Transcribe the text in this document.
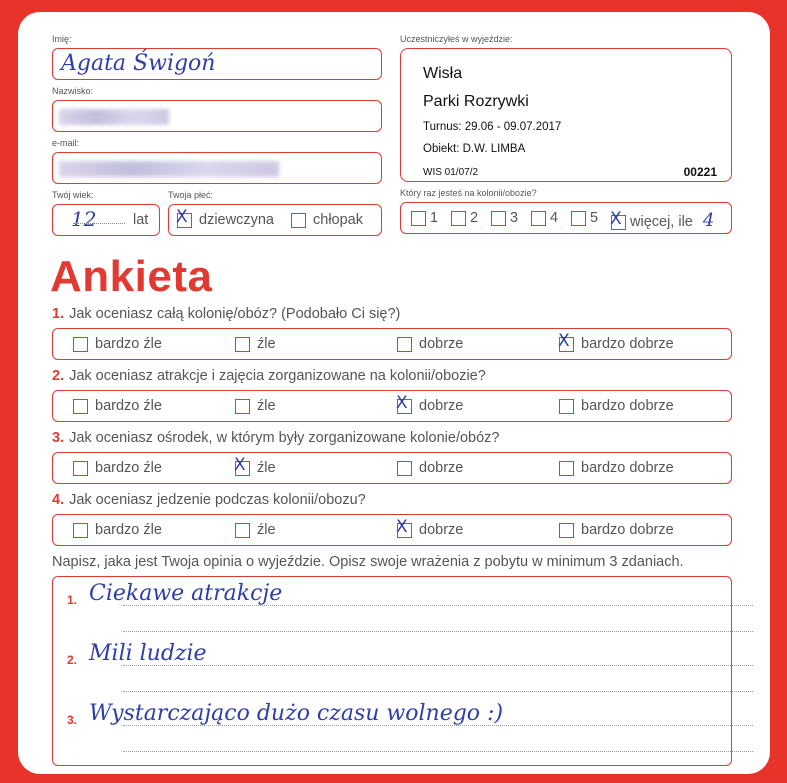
Imię:
Agata Świgoń
Nazwisko:
e-mail:
Twój wiek:
12	lat
Twoja płeć:
X dziewczyna	chłopak
Uczestniczyłeś w wyjeździe:
Wisła
Parki Rozrywki
Turnus: 29.06 - 09.07.2017
Obiekt: D.W. LIMBA
WIS 01/07/2	00221
Który raz jesteś na kolonii/obozie?
1	2	3	4	5 X więcej, ile 4
Ankieta
1. Jak oceniasz całą kolonię/obóz? (Podobało Ci się?)
bardzo źle	źle	dobrze	X bardzo dobrze
2. Jak oceniasz atrakcje i zajęcia zorganizowane na kolonii/obozie?
bardzo źle	źle	X dobrze	bardzo dobrze
3. Jak oceniasz ośrodek, w którym były zorganizowane kolonie/obóz?
bardzo źle	X źle	dobrze	bardzo dobrze
4. Jak oceniasz jedzenie podczas kolonii/obozu?
bardzo źle	źle	X dobrze	bardzo dobrze
Napisz, jaka jest Twoja opinia o wyjeździe. Opisz swoje wrażenia z pobytu w minimum 3 zdaniach.
1. Ciekawe atrakcje
2. Mili ludzie
3. Wystarczająco dużo czasu wolnego :)
